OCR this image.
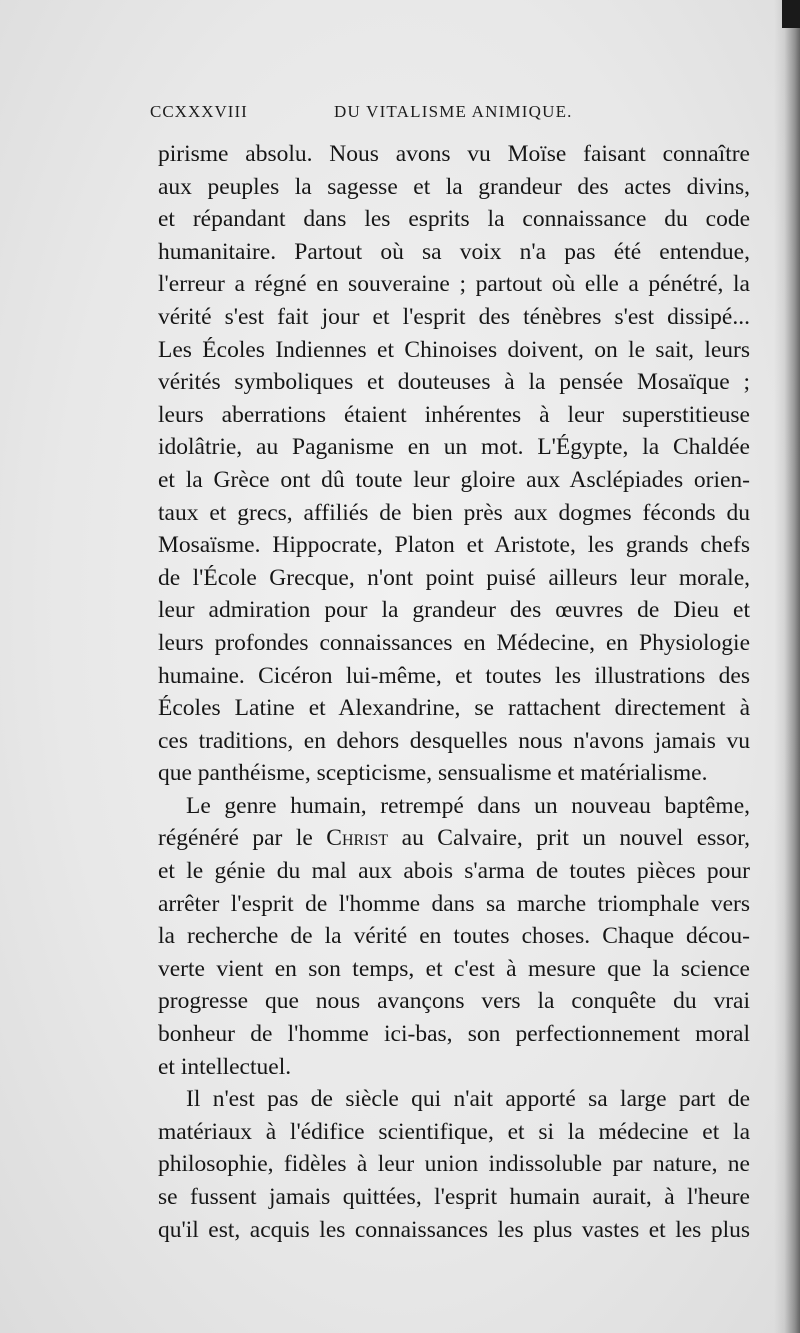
CCXXXVIII	DU VITALISME ANIMIQUE.
pirisme absolu. Nous avons vu Moïse faisant connaître
aux peuples la sagesse et la grandeur des actes divins,
et répandant dans les esprits la connaissance du code
humanitaire. Partout où sa voix n'a pas été entendue,
l'erreur a régné en souveraine ; partout où elle a pénétré, la
vérité s'est fait jour et l'esprit des ténèbres s'est dissipé...
Les Écoles Indiennes et Chinoises doivent, on le sait, leurs
vérités symboliques et douteuses à la pensée Mosaïque ;
leurs aberrations étaient inhérentes à leur superstitieuse
idolâtrie, au Paganisme en un mot. L'Égypte, la Chaldée
et la Grèce ont dû toute leur gloire aux Asclépiades orien-
taux et grecs, affiliés de bien près aux dogmes féconds du
Mosaïsme. Hippocrate, Platon et Aristote, les grands chefs
de l'École Grecque, n'ont point puisé ailleurs leur morale,
leur admiration pour la grandeur des œuvres de Dieu et
leurs profondes connaissances en Médecine, en Physiologie
humaine. Cicéron lui-même, et toutes les illustrations des
Écoles Latine et Alexandrine, se rattachent directement à
ces traditions, en dehors desquelles nous n'avons jamais vu
que panthéisme, scepticisme, sensualisme et matérialisme.
Le genre humain, retrempé dans un nouveau baptême,
régénéré par le Christ au Calvaire, prit un nouvel essor,
et le génie du mal aux abois s'arma de toutes pièces pour
arrêter l'esprit de l'homme dans sa marche triomphale vers
la recherche de la vérité en toutes choses. Chaque décou-
verte vient en son temps, et c'est à mesure que la science
progresse que nous avançons vers la conquête du vrai
bonheur de l'homme ici-bas, son perfectionnement moral
et intellectuel.
Il n'est pas de siècle qui n'ait apporté sa large part de
matériaux à l'édifice scientifique, et si la médecine et la
philosophie, fidèles à leur union indissoluble par nature, ne
se fussent jamais quittées, l'esprit humain aurait, à l'heure
qu'il est, acquis les connaissances les plus vastes et les plus
